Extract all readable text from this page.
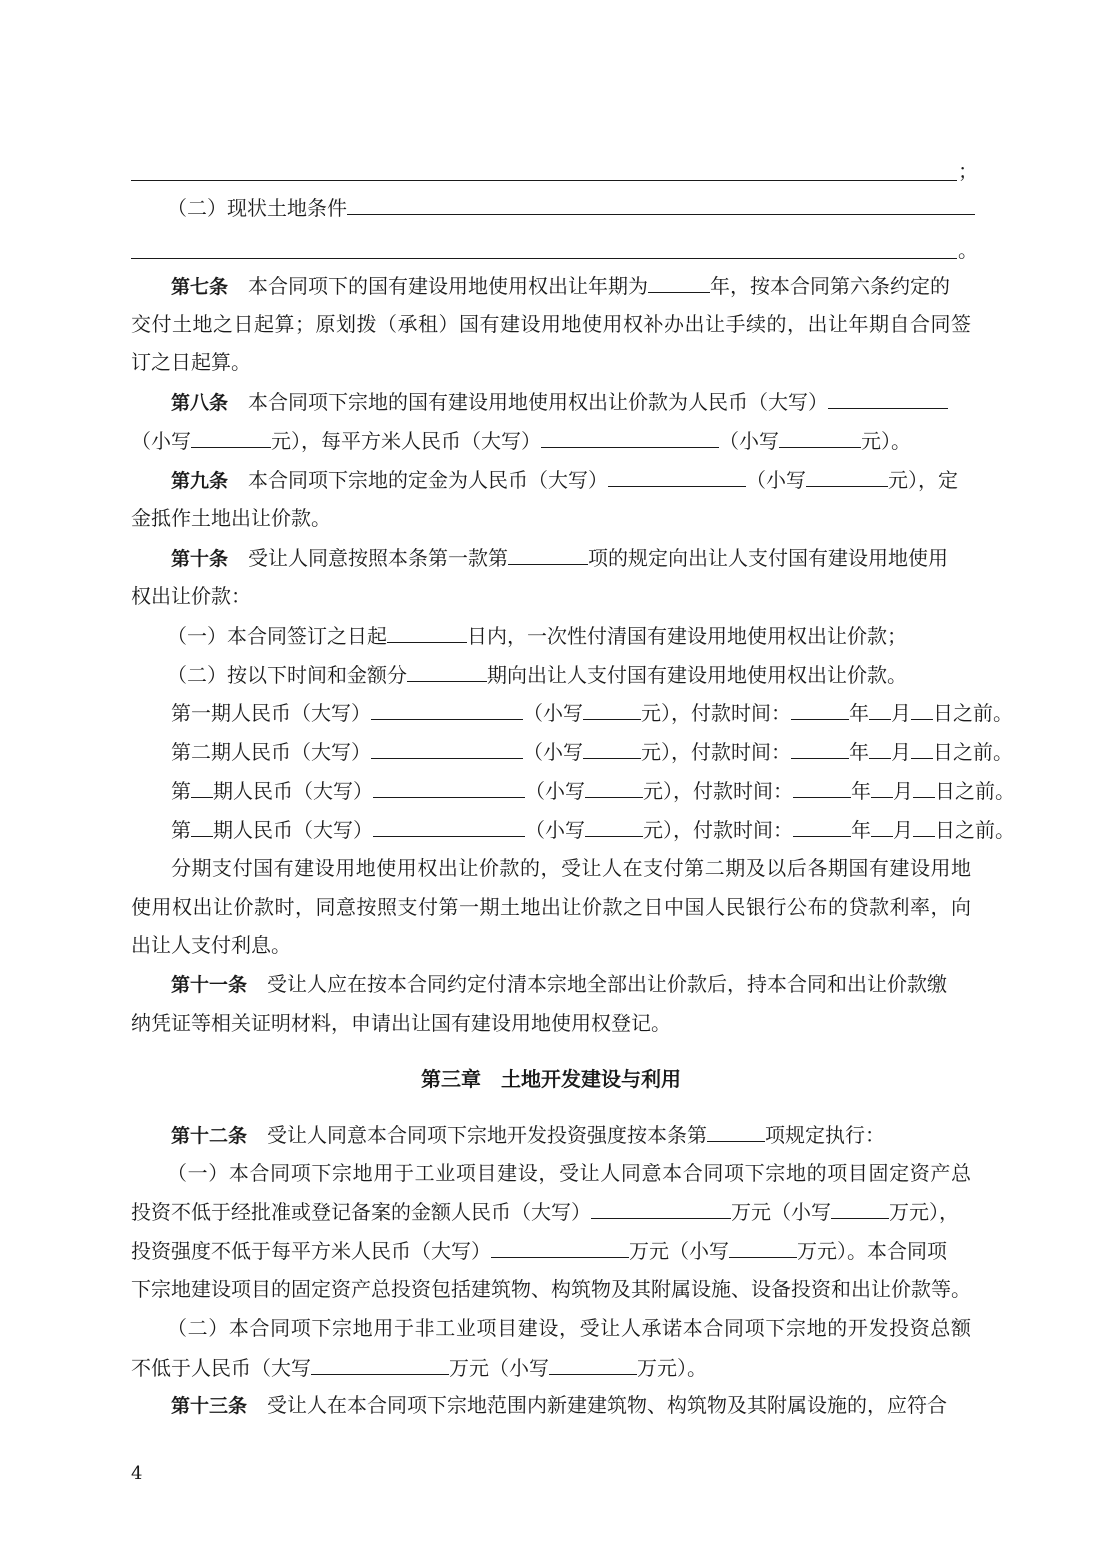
；
（二）现状土地条件
。
第七条　 本合同项下的国有建设用地使用权出让年期为	年，按本合同第六条约定的
交付土地之日起算；原划拨（承租）国有建设用地使用权补办出让手续的，出让年期自合同签
订之日起算。
第八条　 本合同项下宗地的国有建设用地使用权出让价款为人民币（大写）
（小写	元），每平方米人民币（大写）	（小写	元）。
第九条　 本合同项下宗地的定金为人民币（大写）	（小写	元），定
金抵作土地出让价款。
第十条　 受让人同意按照本条第一款第	项的规定向出让人支付国有建设用地使用
权出让价款：
（一）本合同签订之日起	日内，一次性付清国有建设用地使用权出让价款；
（二）按以下时间和金额分	期向出让人支付国有建设用地使用权出让价款。
第一期人民币（大写）	（小写	元），付款时间：	年 月 日之前。
第二期人民币（大写）	（小写	元），付款时间：	年 月 日之前。
第 期人民币（大写）	（小写	元），付款时间：	年 月 日之前。
第 期人民币（大写）	（小写	元），付款时间：	年 月 日之前。
分期支付国有建设用地使用权出让价款的，受让人在支付第二期及以后各期国有建设用地
使用权出让价款时，同意按照支付第一期土地出让价款之日中国人民银行公布的贷款利率，向
出让人支付利息。
第十一条　 受让人应在按本合同约定付清本宗地全部出让价款后，持本合同和出让价款缴
纳凭证等相关证明材料，申请出让国有建设用地使用权登记。
第三章　土地开发建设与利用
第十二条　 受让人同意本合同项下宗地开发投资强度按本条第	项规定执行：
（一）本合同项下宗地用于工业项目建设，受让人同意本合同项下宗地的项目固定资产总
投资不低于经批准或登记备案的金额人民币（大写）	万元（小写	万元），
投资强度不低于每平方米人民币（大写）	万元（小写	万元）。本合同项
下宗地建设项目的固定资产总投资包括建筑物、构筑物及其附属设施、设备投资和出让价款等。
（二）本合同项下宗地用于非工业项目建设，受让人承诺本合同项下宗地的开发投资总额
不低于人民币（大写	万元（小写	万元）。
第十三条　 受让人在本合同项下宗地范围内新建建筑物、构筑物及其附属设施的，应符合
4
